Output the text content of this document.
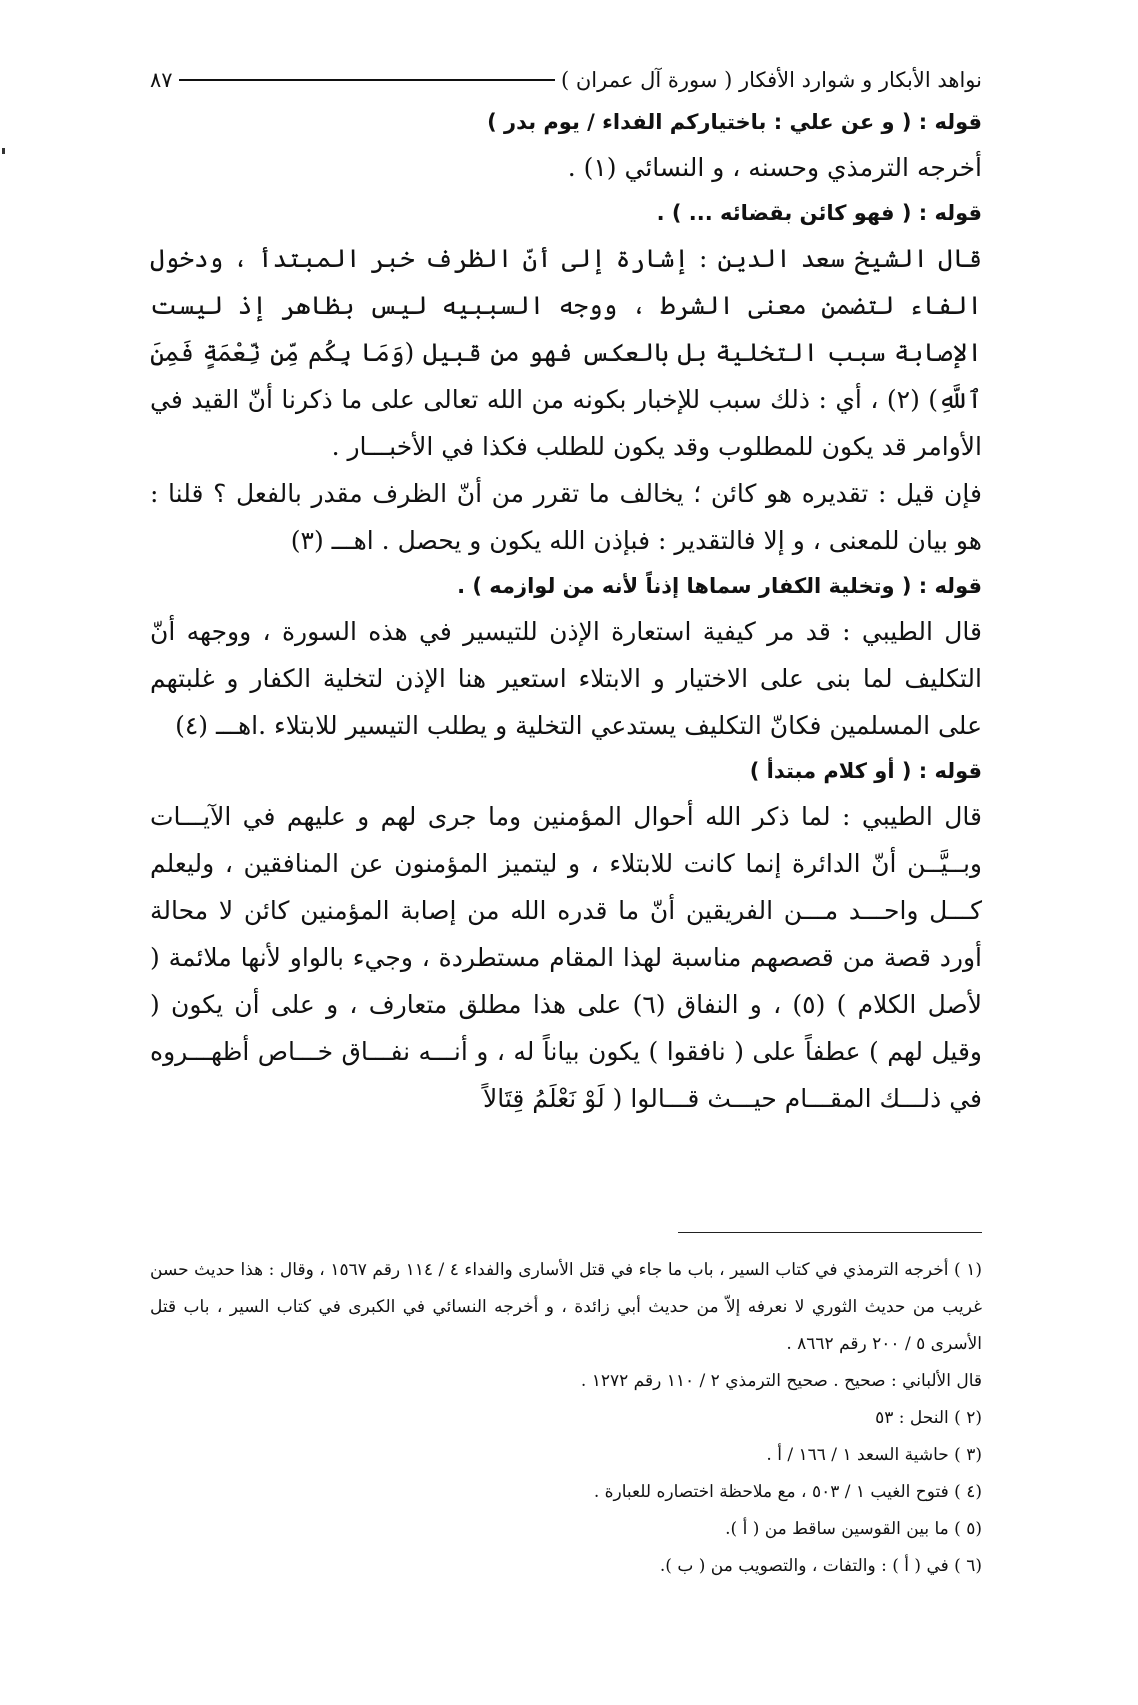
نواهد الأبكار و شوارد الأفكار ( سورة آل عمران )
٨٧

قوله : ( و عن علي : باختياركم الفداء / يوم بدر )

أخرجه الترمذي وحسنه ، و النسائي (١) .

قوله : ( فهو كائن بقضائه ... ) .

قال الشيخ سعد الدين : إشارة إلى أنّ الظرف خبر المبتدأ ، ودخول الفاء لتضمن معنى الشرط ، ووجه السببيه ليس بظاهر إذ ليست الإصابة سبب التخلية بل بالعكس فهو من قبيل (وَمَا بِكُم مِّن نِّعْمَةٍ فَمِنَ ٱللَّهِ) (٢) ، أي : ذلك سبب للإخبار بكونه من الله تعالى على ما ذكرنا أنّ القيد في الأوامر قد يكون للمطلوب وقد يكون للطلب فكذا في الأخبـــار .

فإن قيل : تقديره هو كائن ؛ يخالف ما تقرر من أنّ الظرف مقدر بالفعل ؟ قلنا : هو بيان للمعنى ، و إلا فالتقدير : فبإذن الله يكون و يحصل . اهـــ (٣)

قوله : ( وتخلية الكفار سماها إذناً لأنه من لوازمه ) .

قال الطيبي : قد مر كيفية استعارة الإذن للتيسير في هذه السورة ، ووجهه أنّ التكليف لما بنى على الاختيار و الابتلاء استعير هنا الإذن لتخلية الكفار و غلبتهم على المسلمين فكانّ التكليف يستدعي التخلية و يطلب التيسير للابتلاء .اهـــ (٤)

قوله : ( أو كلام مبتدأ )

قال الطيبي : لما ذكر الله أحوال المؤمنين وما جرى لهم و عليهم في الآيـــات وبــيَّــن أنّ الدائرة إنما كانت للابتلاء ، و ليتميز المؤمنون عن المنافقين ، وليعلم كـــل واحـــد مـــن الفريقين أنّ ما قدره الله من إصابة المؤمنين كائن لا محالة أورد قصة من قصصهم مناسبة لهذا المقام مستطردة ، وجيء بالواو لأنها ملائمة ( لأصل الكلام ) (٥) ، و النفاق (٦) على هذا مطلق متعارف ، و على أن يكون ( وقيل لهم ) عطفاً على ( نافقوا ) يكون بياناً له ، و أنـــه نفـــاق خـــاص أظهـــروه في ذلـــك المقـــام حيـــث قـــالوا ( لَوْ نَعْلَمُ قِتَالاً

(١ ) أخرجه الترمذي في كتاب السير ، باب ما جاء في قتل الأسارى والفداء ٤ / ١١٤ رقم ١٥٦٧ ، وقال : هذا حديث حسن غريب من حديث الثوري لا نعرفه إلاّ من حديث أبي زائدة ، و أخرجه النسائي في الكبرى في كتاب السير ، باب قتل الأسرى ٥ / ٢٠٠ رقم ٨٦٦٢ .

قال الألباني : صحيح . صحيح الترمذي ٢ / ١١٠ رقم ١٢٧٢ .

(٢ ) النحل : ٥٣

(٣ ) حاشية السعد ١ / ١٦٦ / أ .

(٤ ) فتوح الغيب ١ / ٥٠٣ ، مع ملاحظة اختصاره للعبارة .

(٥ ) ما بين القوسين ساقط من ( أ ).

(٦ ) في ( أ ) : والتفات ، والتصويب من ( ب ).
